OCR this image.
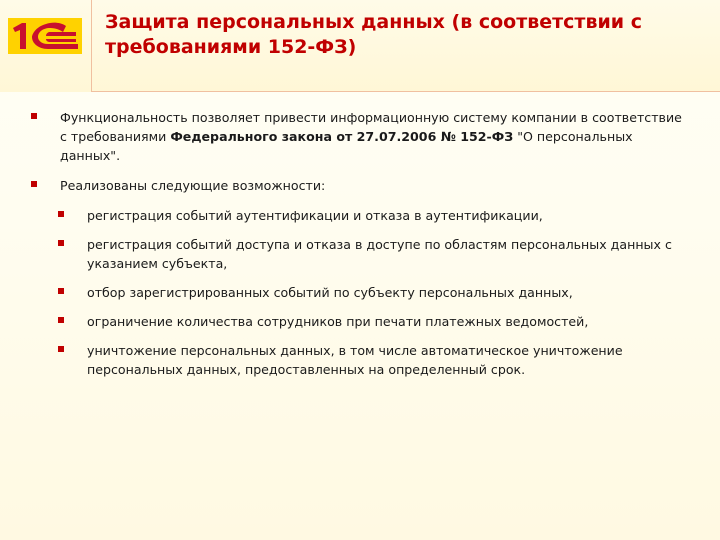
Защита персональных данных (в соответствии с требованиями 152-ФЗ)
Функциональность позволяет привести информационную систему компании в соответствие с требованиями Федерального закона от 27.07.2006 № 152-ФЗ "О персональных данных".
Реализованы следующие возможности:
регистрация событий аутентификации и отказа в аутентификации,
регистрация событий доступа и отказа в доступе по областям персональных данных с указанием субъекта,
отбор зарегистрированных событий по субъекту персональных данных,
ограничение количества сотрудников при печати платежных ведомостей,
уничтожение персональных данных, в том числе автоматическое уничтожение персональных данных, предоставленных на определенный срок.
